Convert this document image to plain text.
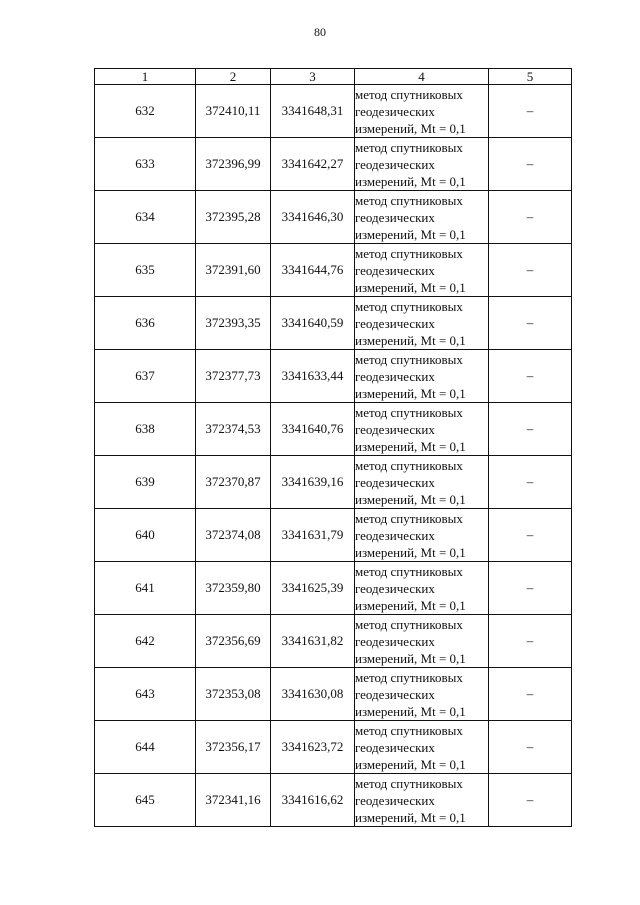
80
1	2	3	4	5
632	372410,11	3341648,31	метод спутниковых
геодезических
измерений, Mt = 0,1	–
633	372396,99	3341642,27	метод спутниковых
геодезических
измерений, Mt = 0,1	–
634	372395,28	3341646,30	метод спутниковых
геодезических
измерений, Mt = 0,1	–
635	372391,60	3341644,76	метод спутниковых
геодезических
измерений, Mt = 0,1	–
636	372393,35	3341640,59	метод спутниковых
геодезических
измерений, Mt = 0,1	–
637	372377,73	3341633,44	метод спутниковых
геодезических
измерений, Mt = 0,1	–
638	372374,53	3341640,76	метод спутниковых
геодезических
измерений, Mt = 0,1	–
639	372370,87	3341639,16	метод спутниковых
геодезических
измерений, Mt = 0,1	–
640	372374,08	3341631,79	метод спутниковых
геодезических
измерений, Mt = 0,1	–
641	372359,80	3341625,39	метод спутниковых
геодезических
измерений, Mt = 0,1	–
642	372356,69	3341631,82	метод спутниковых
геодезических
измерений, Mt = 0,1	–
643	372353,08	3341630,08	метод спутниковых
геодезических
измерений, Mt = 0,1	–
644	372356,17	3341623,72	метод спутниковых
геодезических
измерений, Mt = 0,1	–
645	372341,16	3341616,62	метод спутниковых
геодезических
измерений, Mt = 0,1	–
